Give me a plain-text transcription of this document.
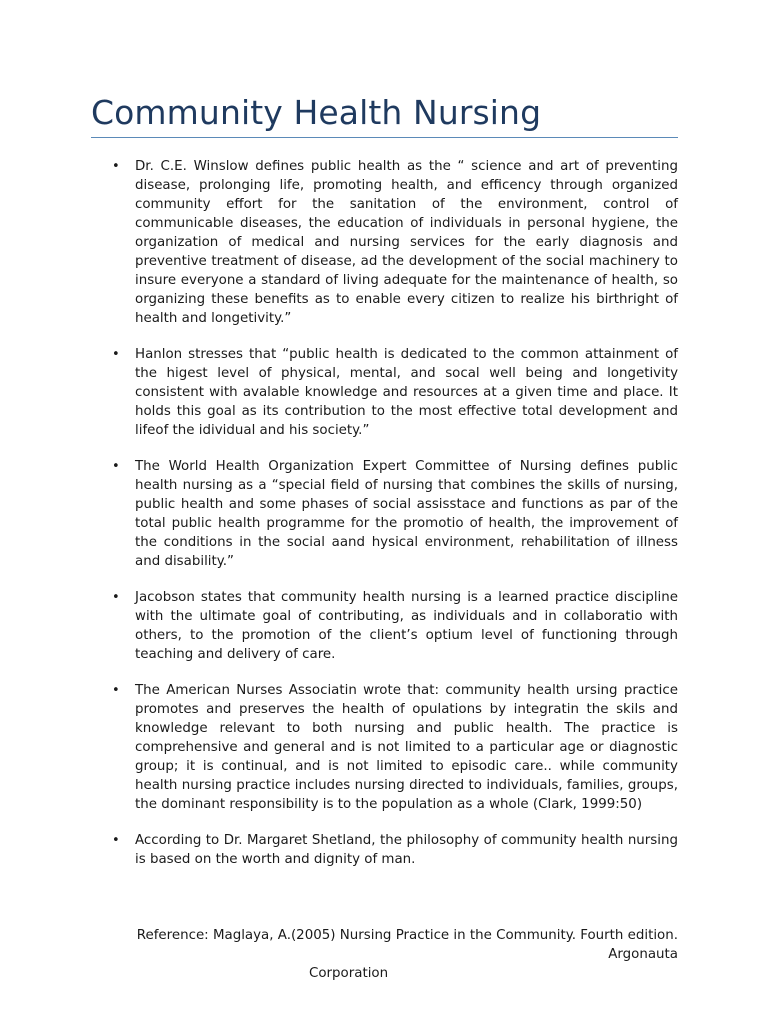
Community Health Nursing
• Dr. C.E. Winslow defines public health as the “ science and art of preventing disease, prolonging life, promoting health, and efficency through organized community effort for the sanitation of the environment, control of communicable diseases, the education of individuals in personal hygiene, the organization of medical and nursing services for the early diagnosis and preventive treatment of disease, ad the development of the social machinery to insure everyone a standard of living adequate for the maintenance of health, so organizing these benefits as to enable every citizen to realize his birthright of health and longetivity.”
• Hanlon stresses that “public health is dedicated to the common attainment of the higest level of physical, mental, and socal well being and longetivity consistent with avalable knowledge and resources at a given time and place. It holds this goal as its contribution to the most effective total development and lifeof the idividual and his society.”
• The World Health Organization Expert Committee of Nursing defines public health nursing as a “special field of nursing that combines the skills of nursing, public health and some phases of social assisstace and functions as par of the total public health programme for the promotio of health, the improvement of the conditions in the social aand hysical environment, rehabilitation of illness and disability.”
• Jacobson states that community health nursing is a learned practice discipline with the ultimate goal of contributing, as individuals and in collaboratio with others, to the promotion of the client’s optium level of functioning through teaching and delivery of care.
• The American Nurses Associatin wrote that: community health ursing practice promotes and preserves the health of opulations by integratin the skils and knowledge relevant to both nursing and public health. The practice is comprehensive and general and is not limited to a particular age or diagnostic group; it is continual, and is not limited to episodic care.. while community health nursing practice includes nursing directed to individuals, families, groups, the dominant responsibility is to the population as a whole (Clark, 1999:50)
• According to Dr. Margaret Shetland, the philosophy of community health nursing is based on the worth and dignity of man.
Reference: Maglaya, A.(2005) Nursing Practice in the Community. Fourth edition.
Argonauta
Corporation
